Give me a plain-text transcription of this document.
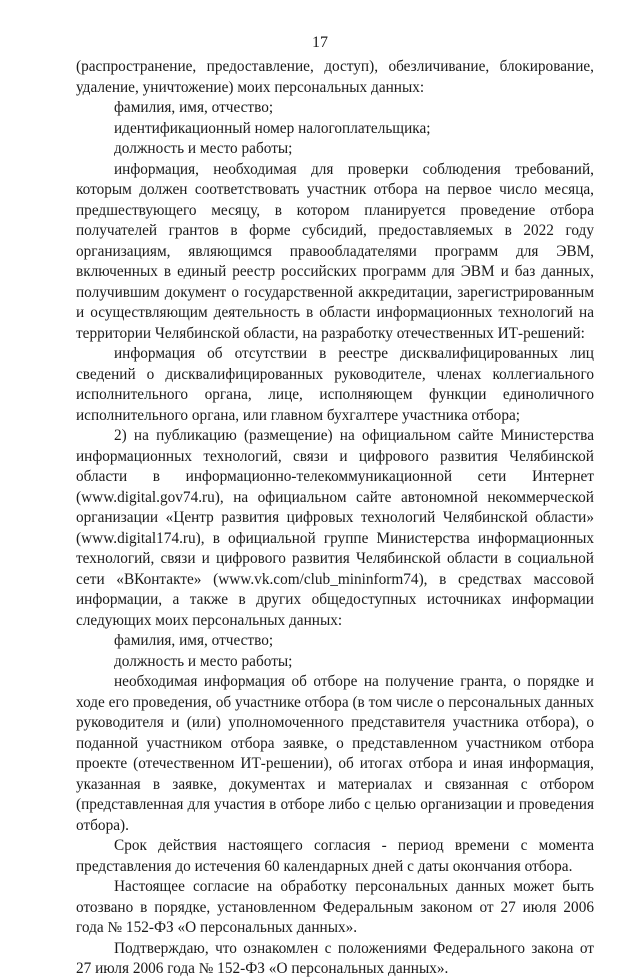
17

(распространение, предоставление, доступ), обезличивание, блокирование, удаление, уничтожение) моих персональных данных:

фамилия, имя, отчество;

идентификационный номер налогоплательщика;

должность и место работы;

информация, необходимая для проверки соблюдения требований, которым должен соответствовать участник отбора на первое число месяца, предшествующего месяцу, в котором планируется проведение отбора получателей грантов в форме субсидий, предоставляемых в 2022 году организациям, являющимся правообладателями программ для ЭВМ, включенных в единый реестр российских программ для ЭВМ и баз данных, получившим документ о государственной аккредитации, зарегистрированным и осуществляющим деятельность в области информационных технологий на территории Челябинской области, на разработку отечественных ИТ-решений:

информация об отсутствии в реестре дисквалифицированных лиц сведений о дисквалифицированных руководителе, членах коллегиального исполнительного органа, лице, исполняющем функции единоличного исполнительного органа, или главном бухгалтере участника отбора;

2) на публикацию (размещение) на официальном сайте Министерства информационных технологий, связи и цифрового развития Челябинской области в информационно-телекоммуникационной сети Интернет (www.digital.gov74.ru), на официальном сайте автономной некоммерческой организации «Центр развития цифровых технологий Челябинской области» (www.digital174.ru), в официальной группе Министерства информационных технологий, связи и цифрового развития Челябинской области в социальной сети «ВКонтакте» (www.vk.com/club_mininform74), в средствах массовой информации, а также в других общедоступных источниках информации следующих моих персональных данных:

фамилия, имя, отчество;

должность и место работы;

необходимая информация об отборе на получение гранта, о порядке и ходе его проведения, об участнике отбора (в том числе о персональных данных руководителя и (или) уполномоченного представителя участника отбора), о поданной участником отбора заявке, о представленном участником отбора проекте (отечественном ИТ-решении), об итогах отбора и иная информация, указанная в заявке, документах и материалах и связанная с отбором (представленная для участия в отборе либо с целью организации и проведения отбора).

Срок действия настоящего согласия - период времени с момента представления до истечения 60 календарных дней с даты окончания отбора.

Настоящее согласие на обработку персональных данных может быть отозвано в порядке, установленном Федеральным законом от 27 июля 2006 года № 152-ФЗ «О персональных данных».

Подтверждаю, что ознакомлен с положениями Федерального закона от 27 июля 2006 года № 152-ФЗ «О персональных данных».
